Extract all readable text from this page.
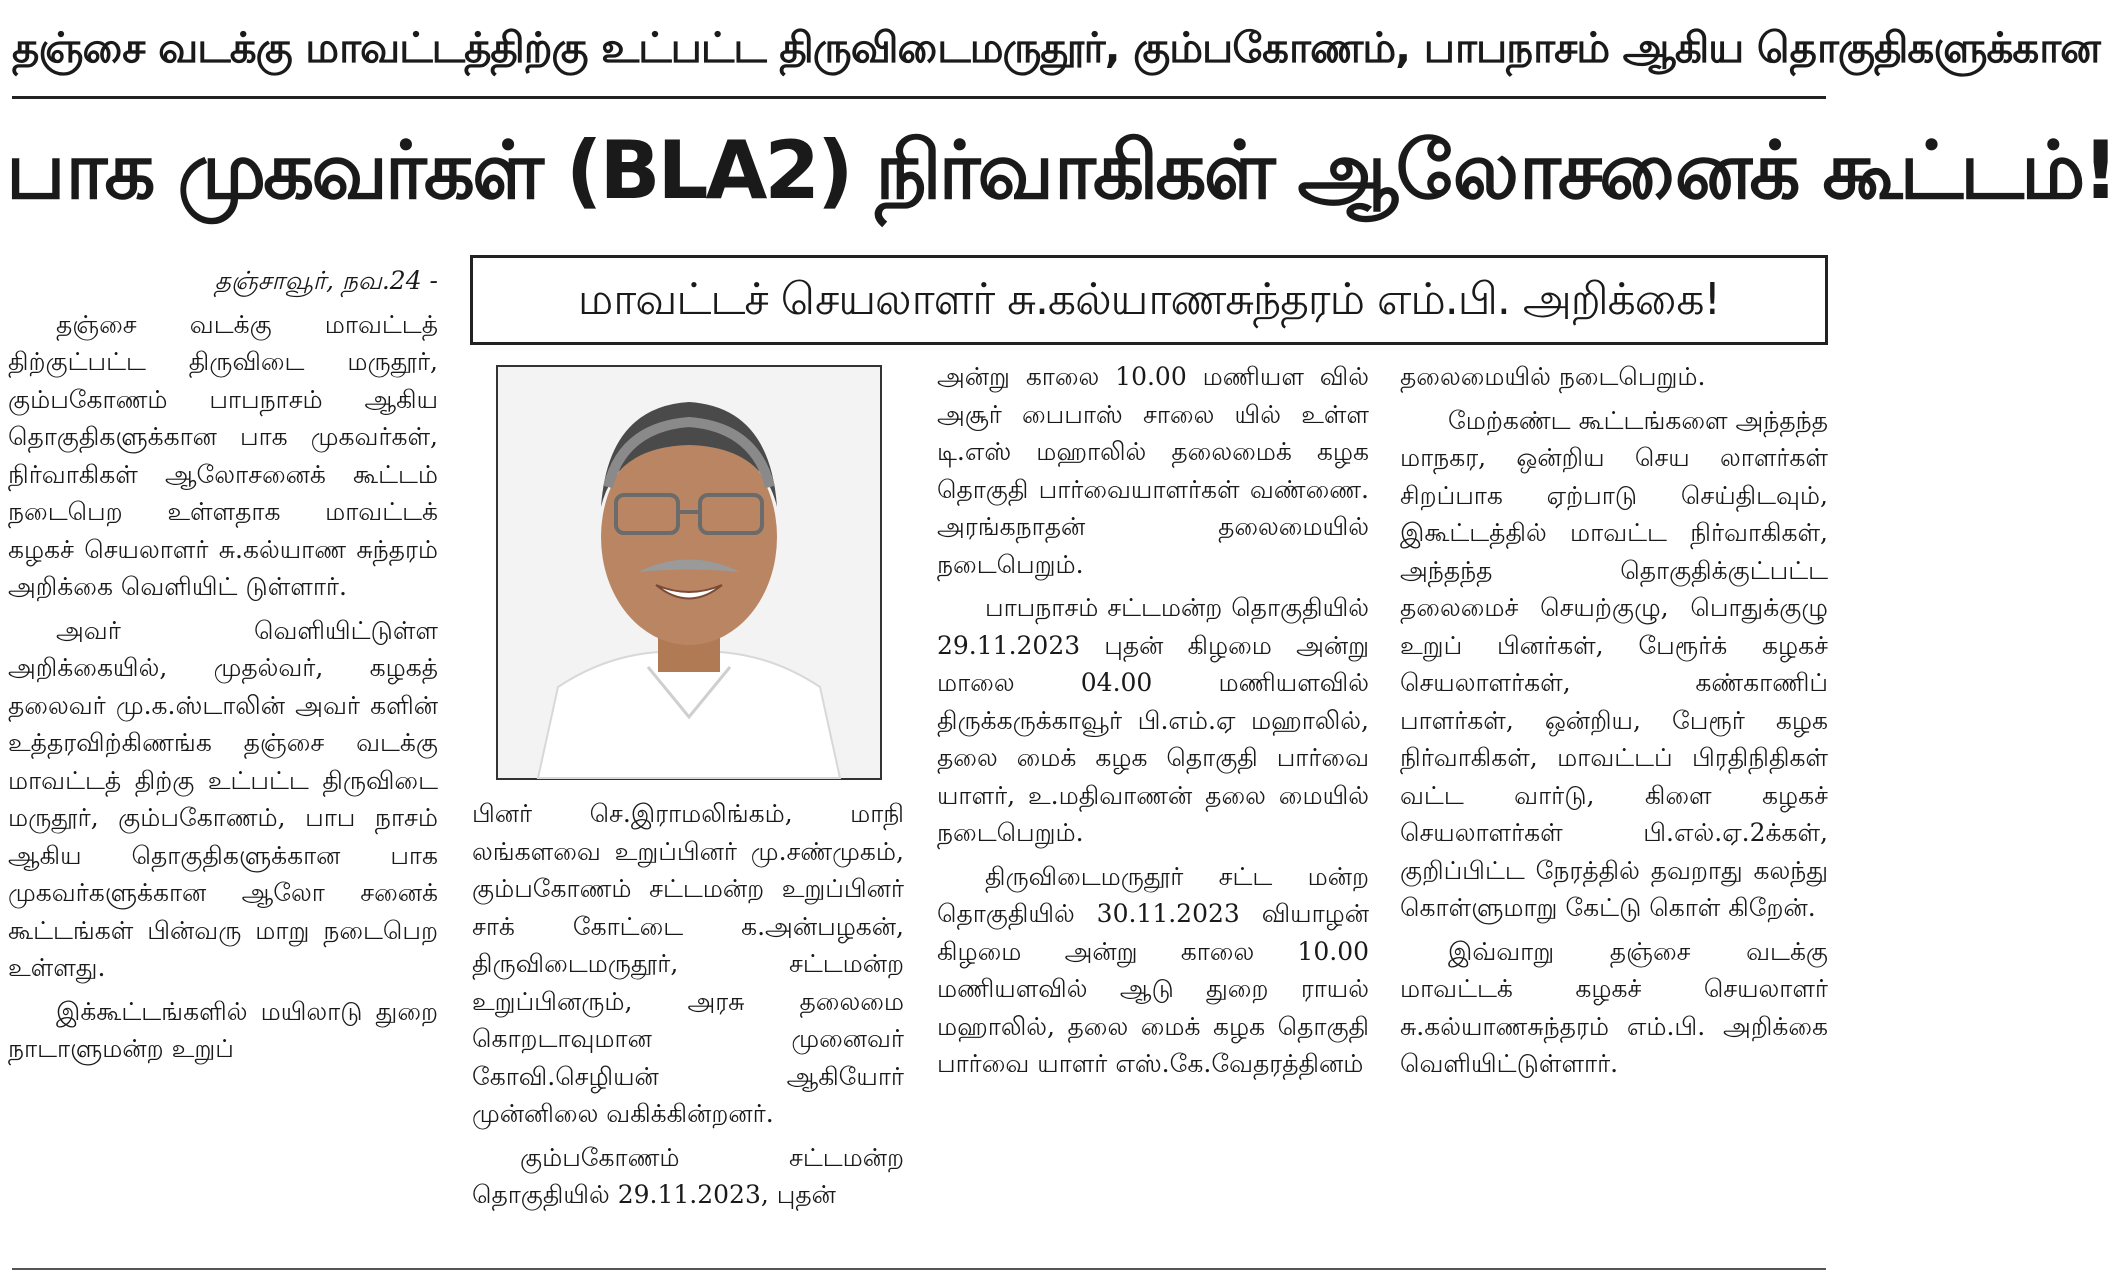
தஞ்சை வடக்கு மாவட்டத்திற்கு உட்பட்ட திருவிடைமருதூர், கும்பகோணம், பாபநாசம் ஆகிய தொகுதிகளுக்கான
பாக முகவர்கள் (BLA2) நிர்வாகிகள் ஆலோசனைக் கூட்டம்!
மாவட்டச் செயலாளர் சு.கல்யாணசுந்தரம் எம்.பி. அறிக்கை!

தஞ்சாவூர், நவ.24 -

தஞ்சை வடக்கு மாவட்டத் திற்குட்பட்ட திருவிடை மருதூர், கும்பகோணம் பாபநாசம் ஆகிய தொகுதிகளுக்கான பாக முகவர்கள், நிர்வாகிகள் ஆலோசனைக் கூட்டம் நடைபெற உள்ளதாக மாவட்டக் கழகச் செயலாளர் சு.கல்யாண சுந்தரம் அறிக்கை வெளியிட் டுள்ளார்.

அவர் வெளியிட்டுள்ள அறிக்கையில், முதல்வர், கழகத் தலைவர் மு.க.ஸ்டாலின் அவர் களின் உத்தரவிற்கிணங்க தஞ்சை வடக்கு மாவட்டத் திற்கு உட்பட்ட திருவிடை மருதூர், கும்பகோணம், பாப நாசம் ஆகிய தொகுதிகளுக்கான பாக முகவர்களுக்கான ஆலோ சனைக் கூட்டங்கள் பின்வரு மாறு நடைபெற உள்ளது.

இக்கூட்டங்களில் மயிலாடு துறை நாடாளுமன்ற உறுப்

பினர் செ.இராமலிங்கம், மாநி லங்களவை உறுப்பினர் மு.சண்முகம், கும்பகோணம் சட்டமன்ற உறுப்பினர் சாக் கோட்டை க.அன்பழகன், திருவிடைமருதூர், சட்டமன்ற உறுப்பினரும், அரசு தலைமை கொறடாவுமான முனைவர் கோவி.செழியன் ஆகியோர் முன்னிலை வகிக்கின்றனர்.

கும்பகோணம் சட்டமன்ற தொகுதியில் 29.11.2023, புதன்

அன்று காலை 10.00 மணியள வில் அசூர் பைபாஸ் சாலை யில் உள்ள டி.எஸ் மஹாலில் தலைமைக் கழக தொகுதி பார்வையாளர்கள் வண்ணை. அரங்கநாதன் தலைமையில் நடைபெறும்.

பாபநாசம் சட்டமன்ற தொகுதியில் 29.11.2023 புதன் கிழமை அன்று மாலை 04.00 மணியளவில் திருக்கருக்காவூர் பி.எம்.ஏ மஹாலில், தலை மைக் கழக தொகுதி பார்வை யாளர், உ.மதிவாணன் தலை மையில் நடைபெறும்.

திருவிடைமருதூர் சட்ட மன்ற தொகுதியில் 30.11.2023 வியாழன் கிழமை அன்று காலை 10.00 மணியளவில் ஆடு துறை ராயல் மஹாலில், தலை மைக் கழக தொகுதி பார்வை யாளர் எஸ்.கே.வேதரத்தினம்

தலைமையில் நடைபெறும்.

மேற்கண்ட கூட்டங்களை அந்தந்த மாநகர, ஒன்றிய செய லாளர்கள் சிறப்பாக ஏற்பாடு செய்திடவும், இகூட்டத்தில் மாவட்ட நிர்வாகிகள், அந்தந்த தொகுதிக்குட்பட்ட தலைமைச் செயற்குழு, பொதுக்குழு உறுப் பினர்கள், பேரூர்க் கழகச் செயலாளர்கள், கண்காணிப் பாளர்கள், ஒன்றிய, பேரூர் கழக நிர்வாகிகள், மாவட்டப் பிரதிநிதிகள் வட்ட வார்டு, கிளை கழகச் செயலாளர்கள் பி.எல்.ஏ.2க்கள், குறிப்பிட்ட நேரத்தில் தவறாது கலந்து கொள்ளுமாறு கேட்டு கொள் கிறேன்.

இவ்வாறு தஞ்சை வடக்கு மாவட்டக் கழகச் செயலாளர் சு.கல்யாணசுந்தரம் எம்.பி. அறிக்கை வெளியிட்டுள்ளார்.
